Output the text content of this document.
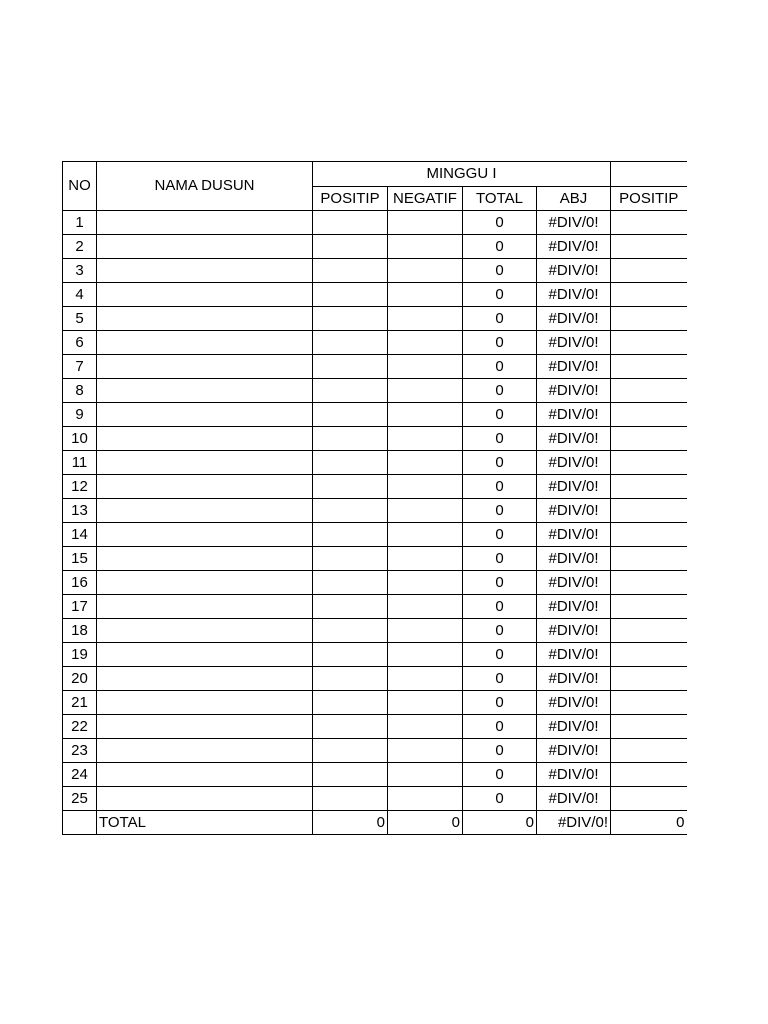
NO	NAMA DUSUN	MINGGU I				
		POSITIP	NEGATIF	TOTAL	ABJ	POSITIP
1				0	#DIV/0!	
2				0	#DIV/0!	
3				0	#DIV/0!	
4				0	#DIV/0!	
5				0	#DIV/0!	
6				0	#DIV/0!	
7				0	#DIV/0!	
8				0	#DIV/0!	
9				0	#DIV/0!	
10				0	#DIV/0!	
11				0	#DIV/0!	
12				0	#DIV/0!	
13				0	#DIV/0!	
14				0	#DIV/0!	
15				0	#DIV/0!	
16				0	#DIV/0!	
17				0	#DIV/0!	
18				0	#DIV/0!	
19				0	#DIV/0!	
20				0	#DIV/0!	
21				0	#DIV/0!	
22				0	#DIV/0!	
23				0	#DIV/0!	
24				0	#DIV/0!	
25				0	#DIV/0!	
	TOTAL	0	0	0	#DIV/0!	0
